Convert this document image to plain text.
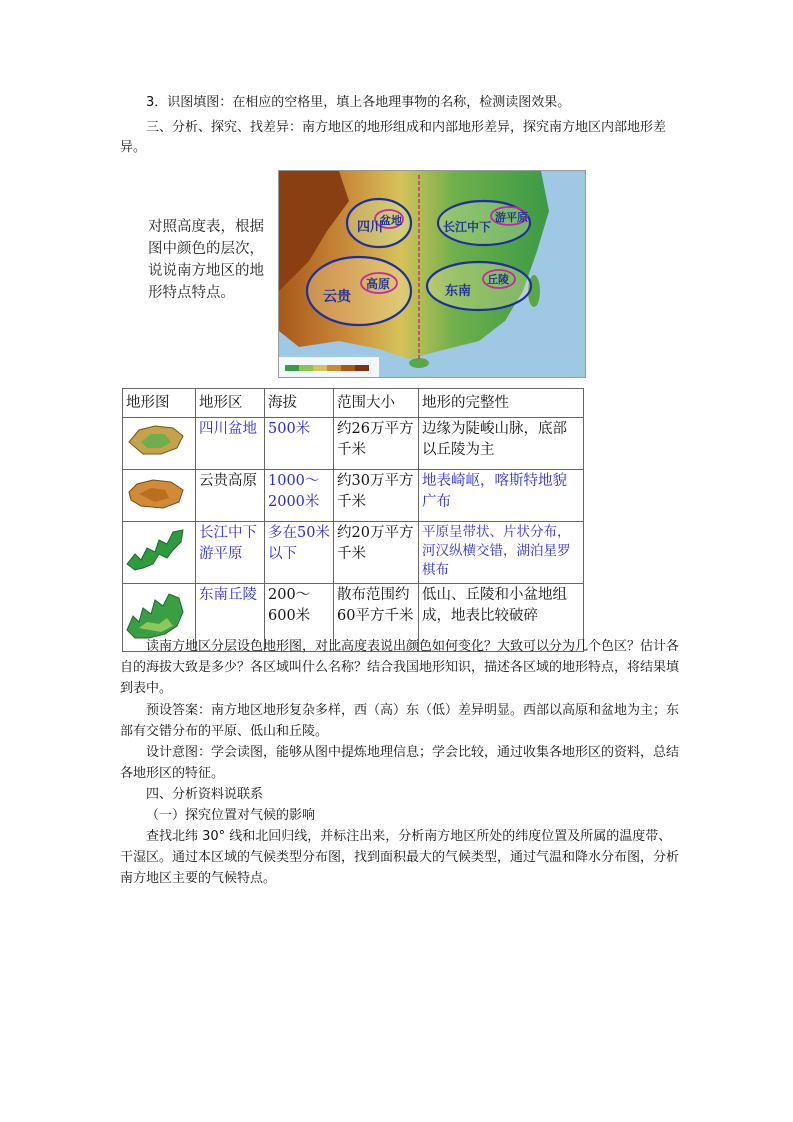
3．识图填图：在相应的空格里，填上各地理事物的名称，检测读图效果。

三、分析、探究、找差异：南方地区的地形组成和内部地形差异，探究南方地区内部地形差异。

对照高度表，根据图中颜色的层次，说说南方地区的地形特点特点。
四川
盆地	长江中下
游平原
云贵
高原	东南
丘陵
地形图	地形区	海拔	范围大小	地形的完整性
	四川盆地	500米	约26万平方千米	边缘为陡峻山脉，底部以丘陵为主
	云贵高原	1000～2000米	约30万平方千米	地表崎岖，喀斯特地貌广布
	长江中下游平原	多在50米以下	约20万平方千米	平原呈带状、片状分布，河汉纵横交错，湖泊星罗棋布
	东南丘陵	200～600米	散布范围约60平方千米	低山、丘陵和小盆地组成，地表比较破碎

读南方地区分层设色地形图，对比高度表说出颜色如何变化？大致可以分为几个色区？估计各自的海拔大致是多少？各区域叫什么名称？结合我国地形知识，描述各区域的地形特点，将结果填到表中。

预设答案：南方地区地形复杂多样，西（高）东（低）差异明显。西部以高原和盆地为主；东部有交错分布的平原、低山和丘陵。

设计意图：学会读图，能够从图中提炼地理信息；学会比较，通过收集各地形区的资料，总结各地形区的特征。

四、分析资料说联系

（一）探究位置对气候的影响

查找北纬 30° 线和北回归线，并标注出来，分析南方地区所处的纬度位置及所属的温度带、干湿区。通过本区域的气候类型分布图，找到面积最大的气候类型，通过气温和降水分布图，分析南方地区主要的气候特点。
